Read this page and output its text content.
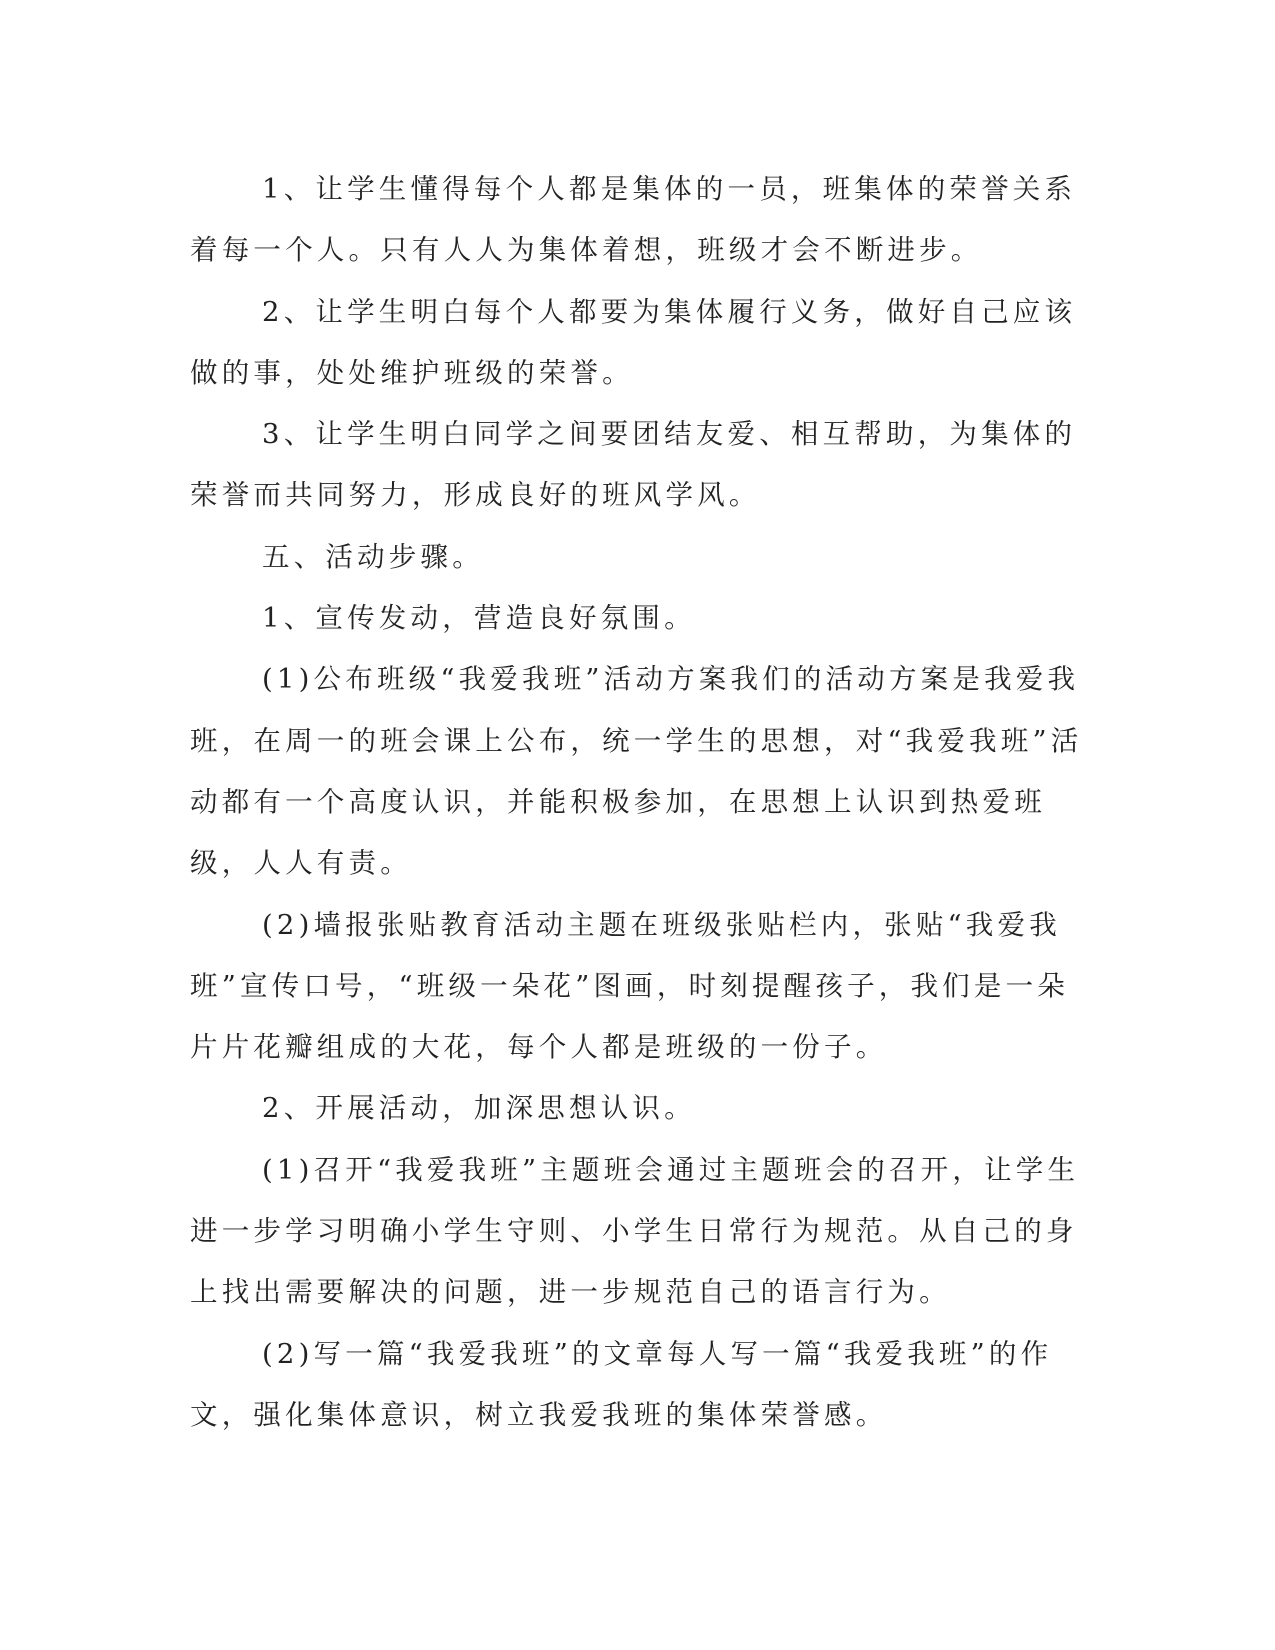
1、让学生懂得每个人都是集体的一员，班集体的荣誉关系着每一个人。只有人人为集体着想，班级才会不断进步。

2、让学生明白每个人都要为集体履行义务，做好自己应该做的事，处处维护班级的荣誉。

3、让学生明白同学之间要团结友爱、相互帮助，为集体的荣誉而共同努力，形成良好的班风学风。

五、活动步骤。

1、宣传发动，营造良好氛围。

(1)公布班级“我爱我班”活动方案我们的活动方案是我爱我班，在周一的班会课上公布，统一学生的思想，对“我爱我班”活动都有一个高度认识，并能积极参加，在思想上认识到热爱班级，人人有责。

(2)墙报张贴教育活动主题在班级张贴栏内，张贴“我爱我班”宣传口号，“班级一朵花”图画，时刻提醒孩子，我们是一朵片片花瓣组成的大花，每个人都是班级的一份子。

2、开展活动，加深思想认识。

(1)召开“我爱我班”主题班会通过主题班会的召开，让学生进一步学习明确小学生守则、小学生日常行为规范。从自己的身上找出需要解决的问题，进一步规范自己的语言行为。

(2)写一篇“我爱我班”的文章每人写一篇“我爱我班”的作文，强化集体意识，树立我爱我班的集体荣誉感。
